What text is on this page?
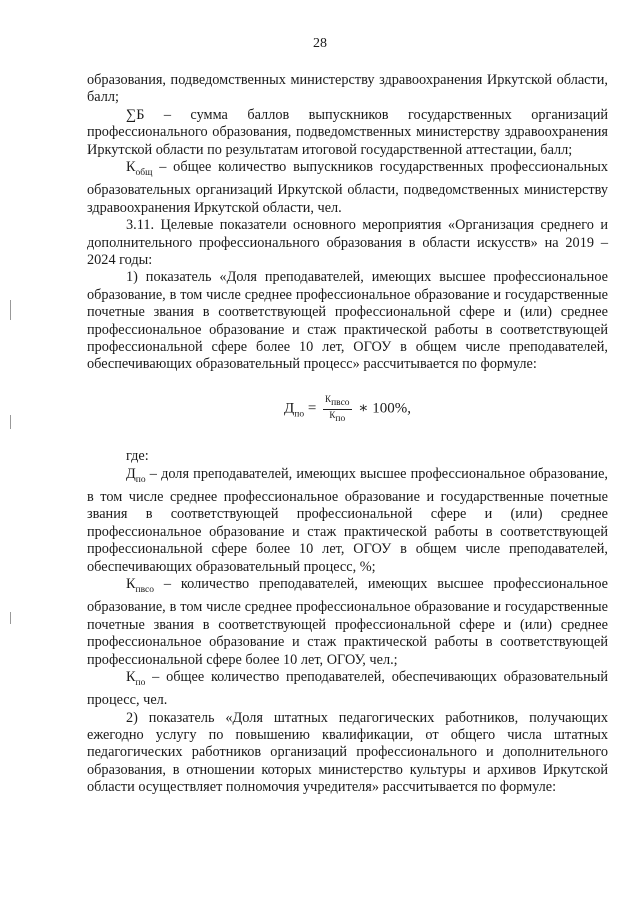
28

образования, подведомственных министерству здравоохранения Иркутской области, балл;

∑Б – сумма баллов выпускников государственных организаций профессионального образования, подведомственных министерству здравоохранения Иркутской области по результатам итоговой государственной аттестации, балл;

$К_{общ}$ – общее количество выпускников государственных профессиональных образовательных организаций Иркутской области, подведомственных министерству здравоохранения Иркутской области, чел.

3.11. Целевые показатели основного мероприятия «Организация среднего и дополнительного профессионального образования в области искусств» на 2019 – 2024 годы:

1) показатель «Доля преподавателей, имеющих высшее профессиональное образование, в том числе среднее профессиональное образование и государственные почетные звания в соответствующей профессиональной сфере и (или) среднее профессиональное образование и стаж практической работы в соответствующей профессиональной сфере более 10 лет, ОГОУ в общем числе преподавателей, обеспечивающих образовательный процесс» рассчитывается по формуле:

$Д_{по} = \frac{К_{пвсо}}{К_{по}}$ ∗ 100%,

где:

$Д_{по}$ – доля преподавателей, имеющих высшее профессиональное образование, в том числе среднее профессиональное образование и государственные почетные звания в соответствующей профессиональной сфере и (или) среднее профессиональное образование и стаж практической работы в соответствующей профессиональной сфере более 10 лет, ОГОУ в общем числе преподавателей, обеспечивающих образовательный процесс, %;

$К_{пвсо}$ – количество преподавателей, имеющих высшее профессиональное образование, в том числе среднее профессиональное образование и государственные почетные звания в соответствующей профессиональной сфере и (или) среднее профессиональное образование и стаж практической работы в соответствующей профессиональной сфере более 10 лет, ОГОУ, чел.;

$К_{по}$ – общее количество преподавателей, обеспечивающих образовательный процесс, чел.

2) показатель «Доля штатных педагогических работников, получающих ежегодно услугу по повышению квалификации, от общего числа штатных педагогических работников организаций профессионального и дополнительного образования, в отношении которых министерство культуры и архивов Иркутской области осуществляет полномочия учредителя» рассчитывается по формуле:
